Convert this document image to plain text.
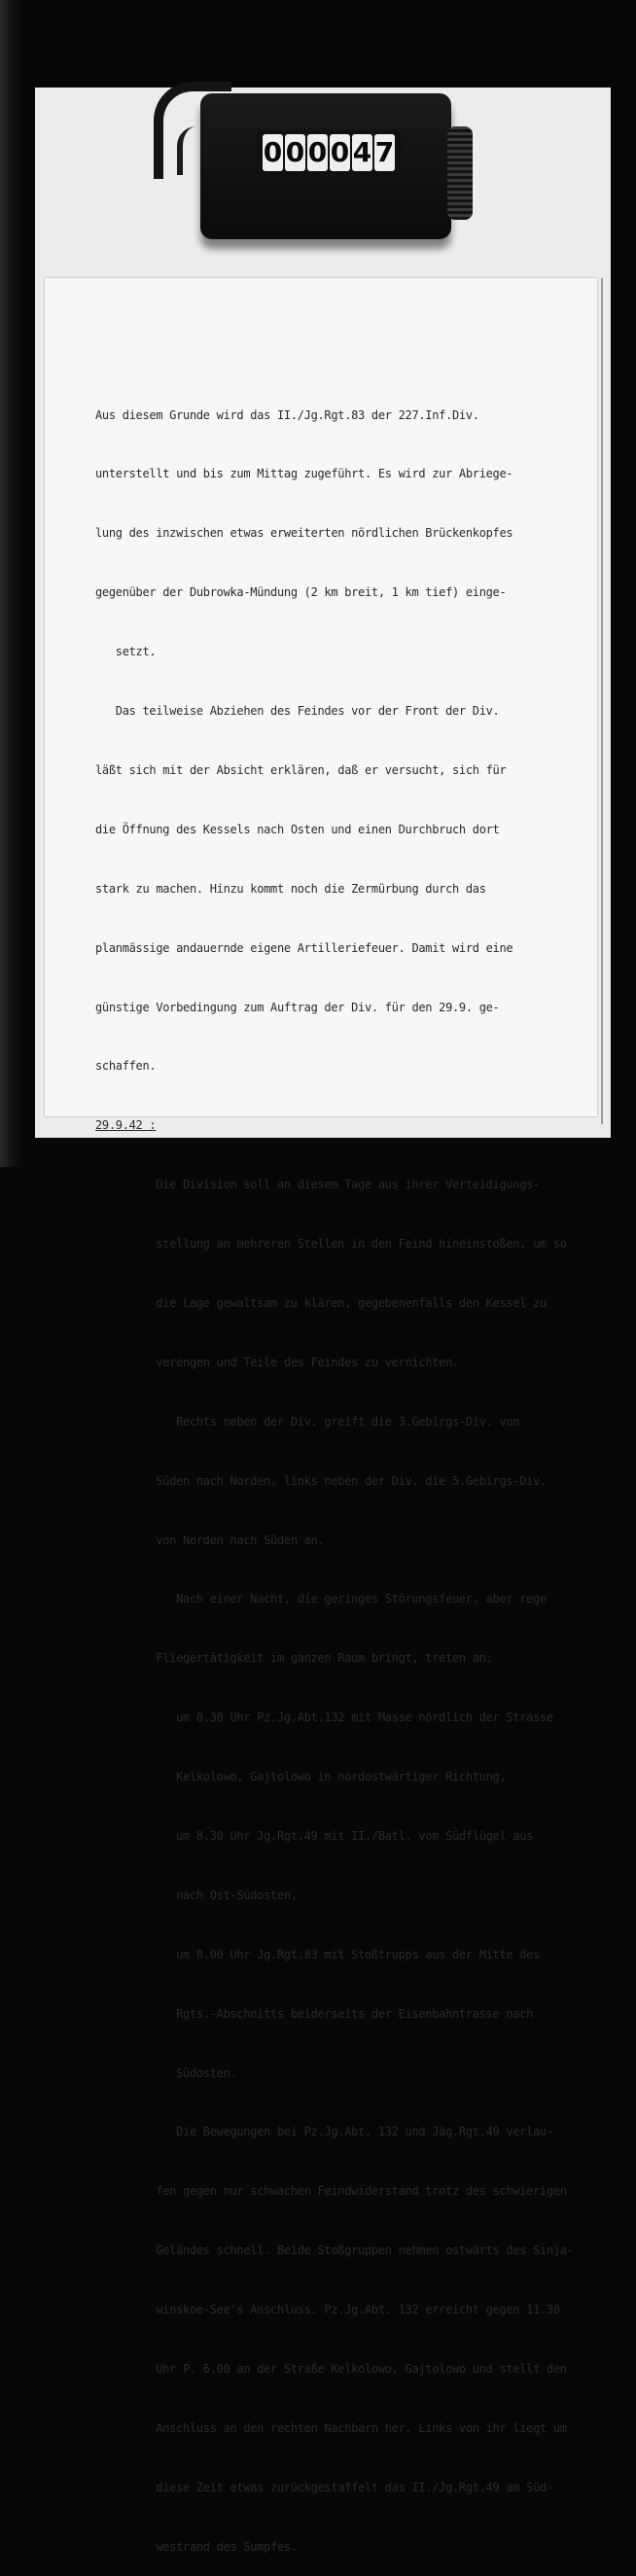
0 0 0 0 4 7

Aus diesem Grunde wird das II./Jg.Rgt.83 der 227.Inf.Div.

unterstellt und bis zum Mittag zugeführt. Es wird zur Abriege-

lung des inzwischen etwas erweiterten nördlichen Brückenkopfes

gegenüber der Dubrowka-Mündung (2 km breit, 1 km tief) einge-

setzt.

Das teilweise Abziehen des Feindes vor der Front der Div.

läßt sich mit der Absicht erklären, daß er versucht, sich für

die Öffnung des Kessels nach Osten und einen Durchbruch dort

stark zu machen. Hinzu kommt noch die Zermürbung durch das

planmässige andauernde eigene Artilleriefeuer. Damit wird eine

günstige Vorbedingung zum Auftrag der Div. für den 29.9. ge-

schaffen.

29.9.42 :

Die Division soll an diesem Tage aus ihrer Verteidigungs-

stellung an mehreren Stellen in den Feind hineinstoßen, um so

die Lage gewaltsam zu klären, gegebenenfalls den Kessel zu

verengen und Teile des Feindes zu vernichten.

Rechts neben der Div. greift die 3.Gebirgs-Div. von

Süden nach Norden, links neben der Div. die 5.Gebirgs-Div.

von Norden nach Süden an.

Nach einer Nacht, die geringes Störungsfeuer, aber rege

Fliegertätigkeit im ganzen Raum bringt, treten an:

um 8.30 Uhr Pz.Jg.Abt.132 mit Masse nördlich der Strasse

Kelkolowo, Gajtolowo in nordostwärtiger Richtung,

um 8.30 Uhr Jg.Rgt.49 mit II./Batl. vom Südflügel aus

nach Ost-Südosten,

um 8.00 Uhr Jg.Rgt.83 mit Stoßtrupps aus der Mitte des

Rgts.-Abschnitts beiderseits der Eisenbahntrasse nach

Südosten.

Die Bewegungen bei Pz.Jg.Abt. 132 und Jäg.Rgt.49 verlau-

fen gegen nur schwachen Feindwiderstand trotz des schwierigen

Geländes schnell. Beide Stoßgruppen nehmen ostwärts des Sinja-

winskoe-See's Anschluss. Pz.Jg.Abt. 132 erreicht gegen 11.30

Uhr P. 6.00 an der Straße Kelkolowo, Gajtolowo und stellt den

Anschluss an den rechten Nachbarn her. Links von ihr liegt um

diese Zeit etwas zurückgestaffelt das II./Jg.Rgt.49 am Süd-

westrand des Sumpfes.
